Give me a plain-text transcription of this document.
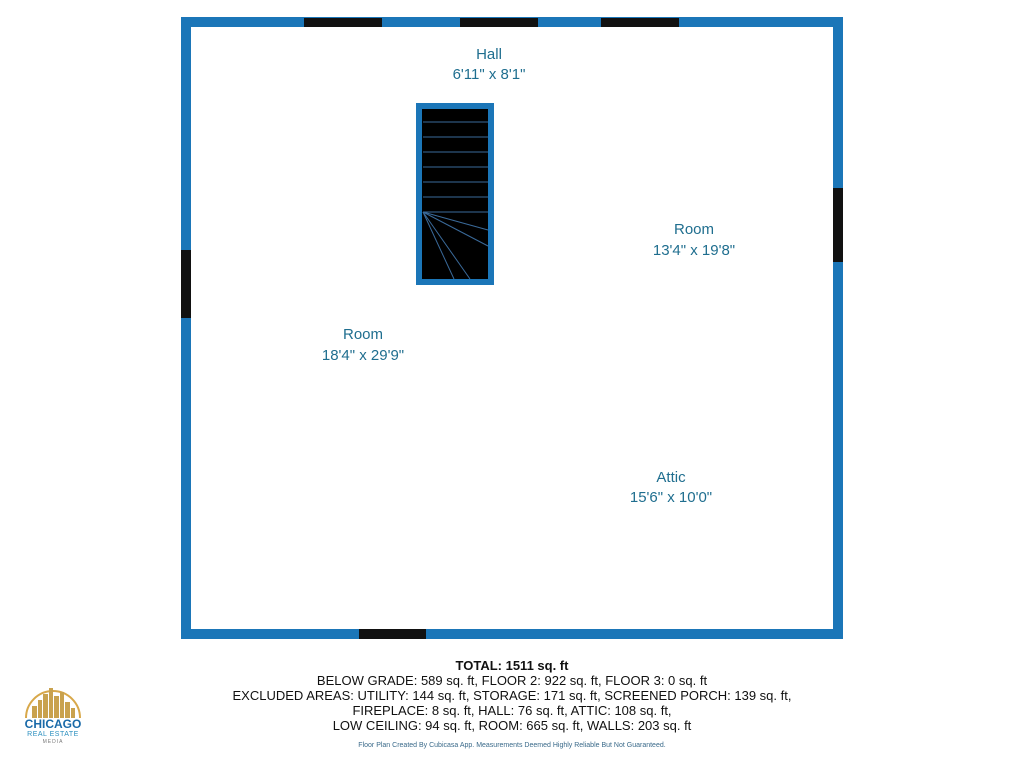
Hall
6'11" x 8'1"
Room
13'4" x 19'8"
Room
18'4" x 29'9"
Attic
15'6" x 10'0"
TOTAL: 1511 sq. ft
BELOW GRADE: 589 sq. ft, FLOOR 2: 922 sq. ft, FLOOR 3: 0 sq. ft
EXCLUDED AREAS: UTILITY: 144 sq. ft, STORAGE: 171 sq. ft, SCREENED PORCH: 139 sq. ft,
FIREPLACE: 8 sq. ft, HALL: 76 sq. ft, ATTIC: 108 sq. ft,
LOW CEILING: 94 sq. ft, ROOM: 665 sq. ft, WALLS: 203 sq. ft
Floor Plan Created By Cubicasa App. Measurements Deemed Highly Reliable But Not Guaranteed.
CHICAGO
REAL ESTATE
MEDIA
